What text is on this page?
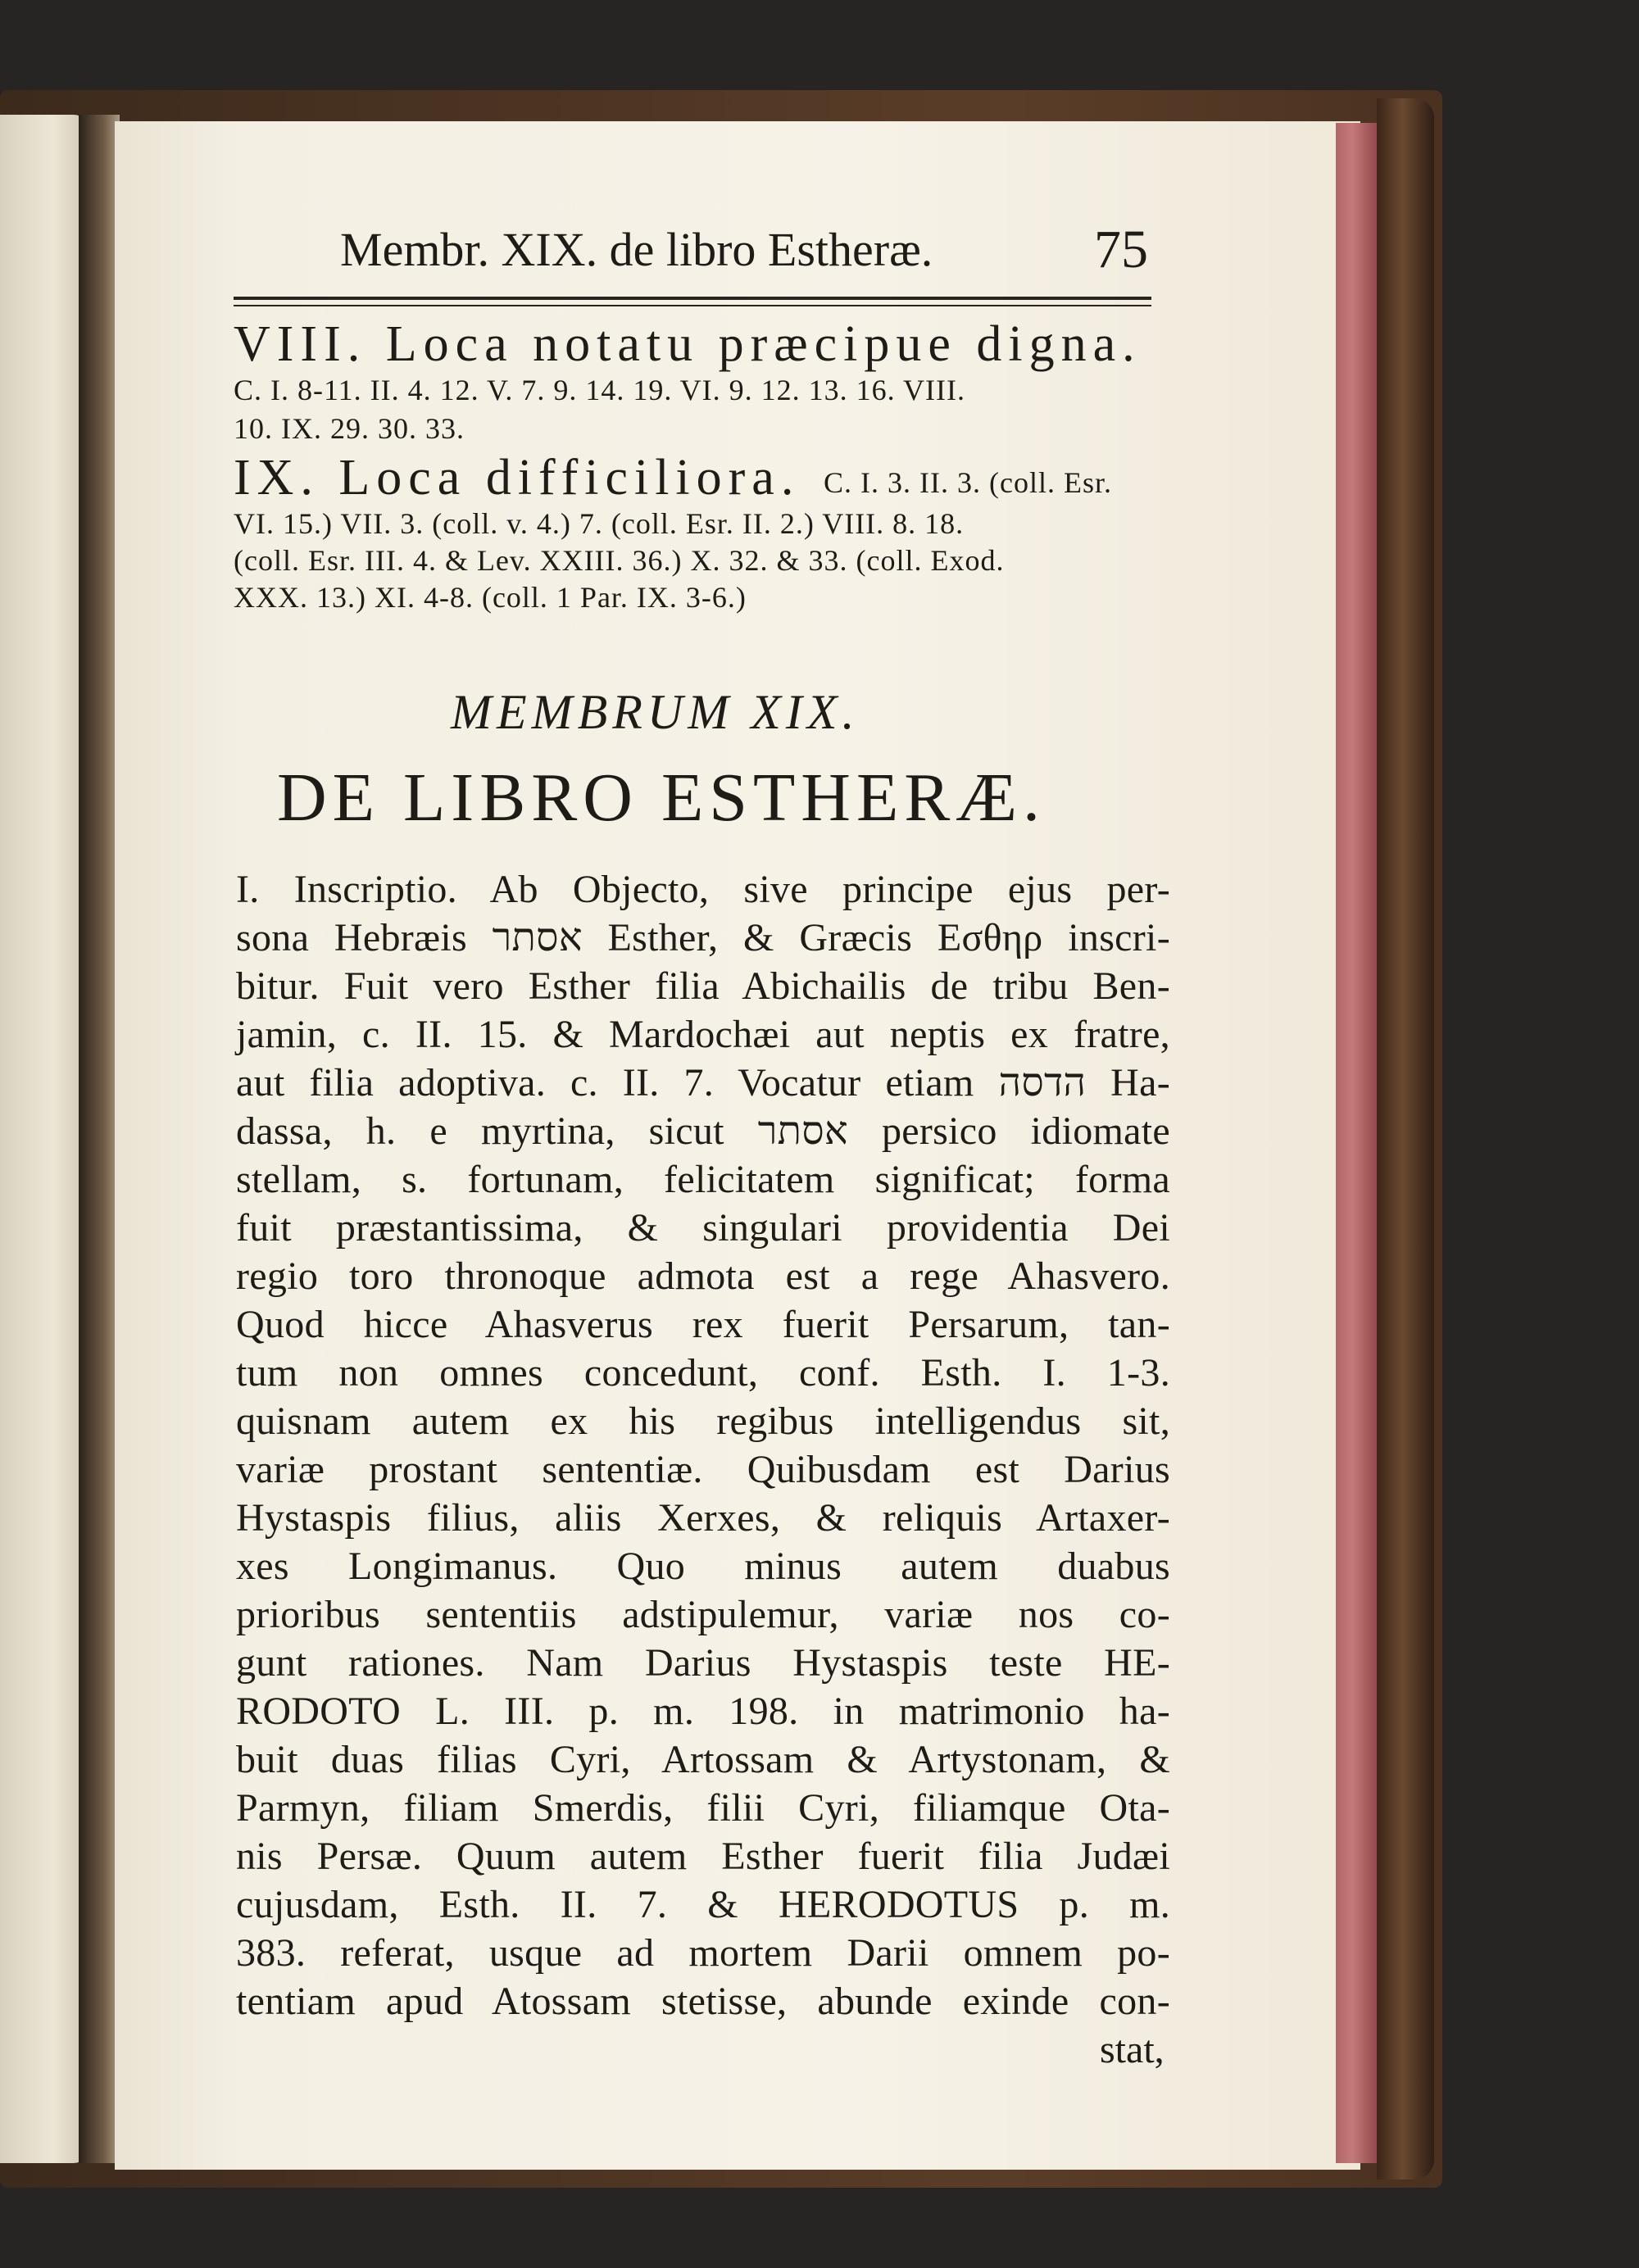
Membr. XIX. de libro Estheræ.	75
VIII. Loca notatu præcipue digna.
C. I. 8-11. II. 4. 12. V. 7. 9. 14. 19. VI. 9. 12. 13. 16. VIII.
10. IX. 29. 30. 33.
IX. Loca difficiliora. C. I. 3. II. 3. (coll. Esr.
VI. 15.) VII. 3. (coll. v. 4.) 7. (coll. Esr. II. 2.) VIII. 8. 18.
(coll. Esr. III. 4. & Lev. XXIII. 36.) X. 32. & 33. (coll. Exod.
XXX. 13.) XI. 4-8. (coll. 1 Par. IX. 3-6.)
MEMBRUM XIX.
DE LIBRO ESTHERÆ.
I. Inscriptio. Ab Objecto, sive principe ejus per-
sona Hebræis אסתר Esther, & Græcis Εσθηρ inscri-
bitur. Fuit vero Esther filia Abichailis de tribu Ben-
jamin, c. II. 15. & Mardochæi aut neptis ex fratre,
aut filia adoptiva. c. II. 7. Vocatur etiam הדסה Ha-
dassa, h. e myrtina, sicut אסתר persico idiomate
stellam, s. fortunam, felicitatem significat; forma
fuit præstantissima, & singulari providentia Dei
regio toro thronoque admota est a rege Ahasvero.
Quod hicce Ahasverus rex fuerit Persarum, tan-
tum non omnes concedunt, conf. Esth. I. 1-3.
quisnam autem ex his regibus intelligendus sit,
variæ prostant sententiæ. Quibusdam est Darius
Hystaspis filius, aliis Xerxes, & reliquis Artaxer-
xes Longimanus. Quo minus autem duabus
prioribus sententiis adstipulemur, variæ nos co-
gunt rationes. Nam Darius Hystaspis teste HE-
RODOTO L. III. p. m. 198. in matrimonio ha-
buit duas filias Cyri, Artossam & Artystonam, &
Parmyn, filiam Smerdis, filii Cyri, filiamque Ota-
nis Persæ. Quum autem Esther fuerit filia Judæi
cujusdam, Esth. II. 7. & HERODOTUS p. m.
383. referat, usque ad mortem Darii omnem po-
tentiam apud Atossam stetisse, abunde exinde con-
stat,
